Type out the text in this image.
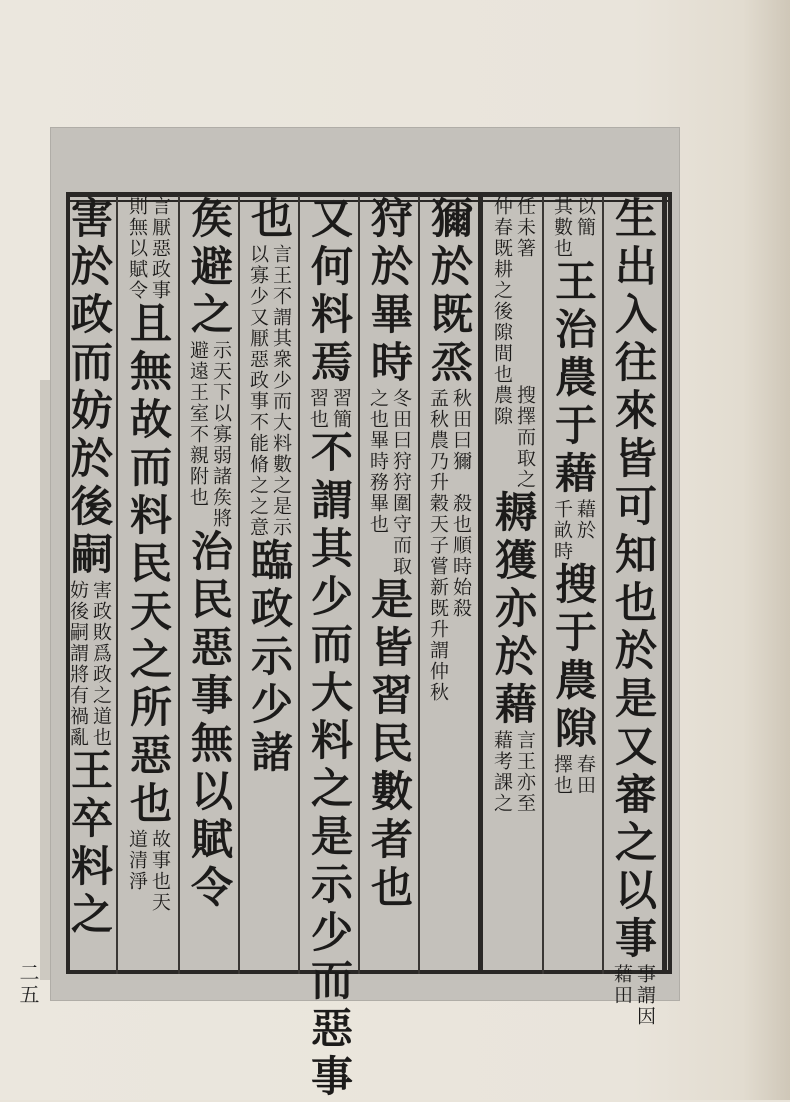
生出入往來皆可知也
於是又審之以事
事謂因
藉田
以簡
其數也
王治農于藉
藉於
千畝時
搜于農隙
春田
擇也
任未箸
仲春既耕之後隙間也
搜擇而取之
農隙
耨獲亦於藉
言王亦至
藉考課之
獮於既烝
秋田曰獮
孟秋農乃升
殺也順時始殺
穀天子嘗新既升謂仲秋
狩於畢時
冬田曰狩
之也畢時
狩圍守而取
務畢也
是皆習民數者也
又何料焉
習簡
習也
不謂其少而大料之是示少而惡事
也
言王不謂其衆少而大料數之是示
以寡少又厭惡政事不能脩之之意
臨政示少諸
矦避之
示天下以寡弱諸矦將
避遠王室不親附也
治民惡事無以賦令
言厭惡政事
則無以賦令
且無故而料民天之所惡也
故事也天
道清淨
害於政而妨於後嗣
害政敗爲政之道也
妨後嗣謂將有禍亂
王卒料之
二五
